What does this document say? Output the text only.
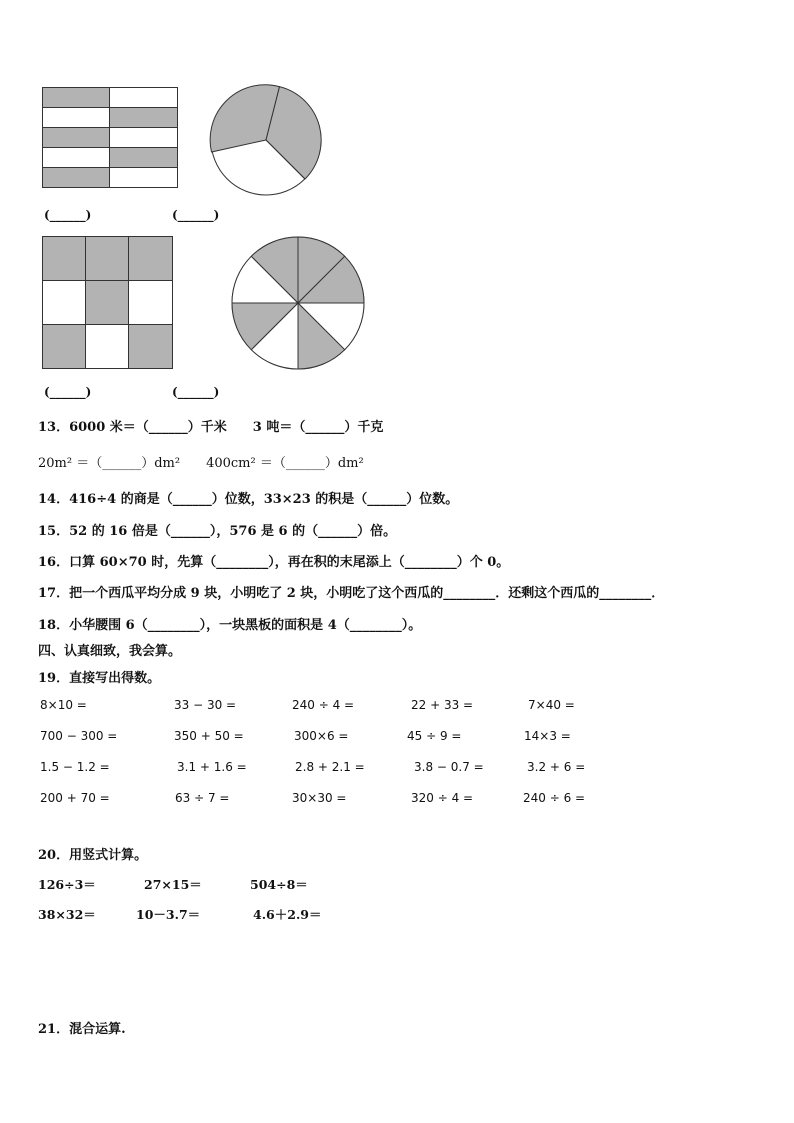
(______)	(______)
(______)	(______)
13．6000 米＝（______）千米　　3 吨＝（______）千克
20m² ＝（______）dm²　　400cm² ＝（______）dm²
14．416÷4 的商是（______）位数，33×23 的积是（______）位数。
15．52 的 16 倍是（______），576 是 6 的（______）倍。
16．口算 60×70 时，先算（________），再在积的末尾添上（________）个 0。
17．把一个西瓜平均分成 9 块，小明吃了 2 块，小明吃了这个西瓜的________．还剩这个西瓜的________．
18．小华腰围 6（________），一块黑板的面积是 4（________）。
四、认真细致，我会算。
19．直接写出得数。
8×10 =	33 − 30 =	240 ÷ 4 =	22 + 33 =	7×40 =
700 − 300 =	350 + 50 =	300×6 =	45 ÷ 9 =	14×3 =
1.5 − 1.2 =	3.1 + 1.6 =	2.8 + 2.1 =	3.8 − 0.7 =	3.2 + 6 =
200 + 70 =	63 ÷ 7 =	30×30 =	320 ÷ 4 =	240 ÷ 6 =
20．用竖式计算。
126÷3＝	27×15＝	504÷8＝
38×32＝	10－3.7＝	4.6＋2.9＝
21．混合运算.
